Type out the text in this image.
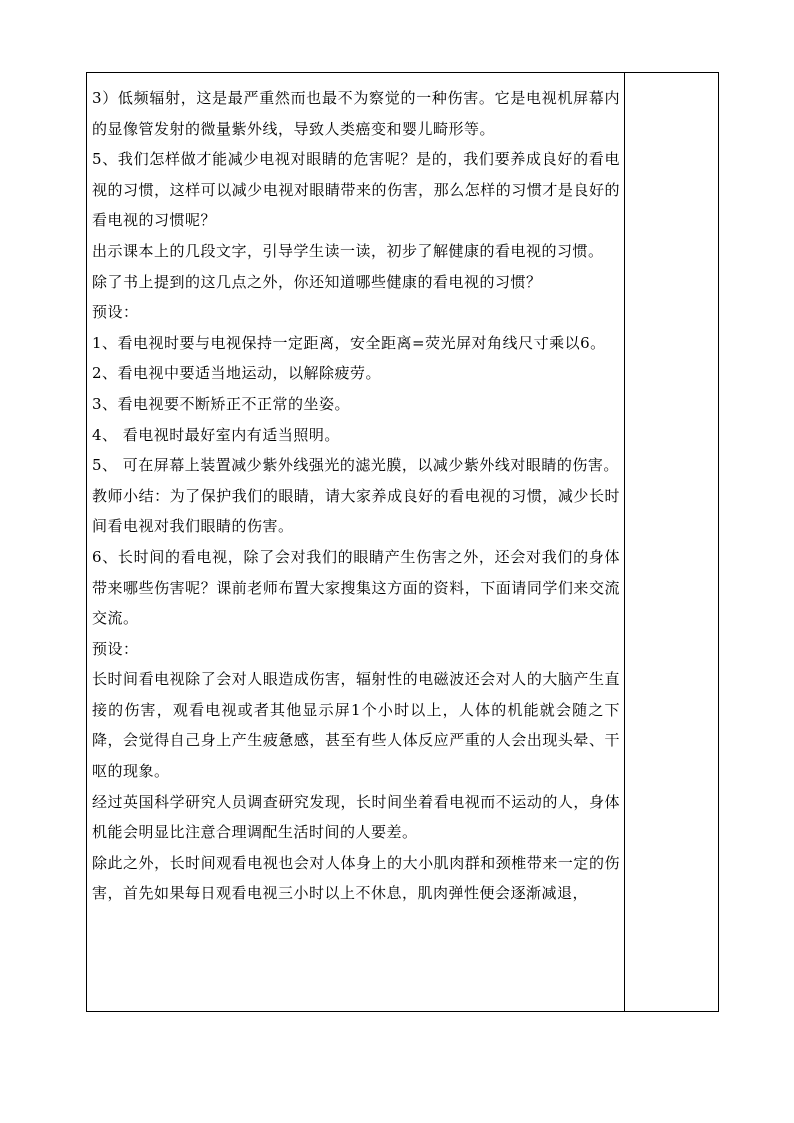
3）低频辐射，这是最严重然而也最不为察觉的一种伤害。它是电视机屏幕内的显像管发射的微量紫外线，导致人类癌变和婴儿畸形等。

5、我们怎样做才能减少电视对眼睛的危害呢？是的，我们要养成良好的看电视的习惯，这样可以减少电视对眼睛带来的伤害，那么怎样的习惯才是良好的看电视的习惯呢？

出示课本上的几段文字，引导学生读一读，初步了解健康的看电视的习惯。

除了书上提到的这几点之外，你还知道哪些健康的看电视的习惯？

预设：

1、看电视时要与电视保持一定距离，安全距离=荧光屏对角线尺寸乘以6。

2、看电视中要适当地运动，以解除疲劳。

3、看电视要不断矫正不正常的坐姿。

4、 看电视时最好室内有适当照明。

5、 可在屏幕上装置减少紫外线强光的滤光膜，以减少紫外线对眼睛的伤害。

教师小结：为了保护我们的眼睛，请大家养成良好的看电视的习惯，减少长时间看电视对我们眼睛的伤害。

6、长时间的看电视，除了会对我们的眼睛产生伤害之外，还会对我们的身体带来哪些伤害呢？课前老师布置大家搜集这方面的资料，下面请同学们来交流交流。

预设：

长时间看电视除了会对人眼造成伤害，辐射性的电磁波还会对人的大脑产生直接的伤害，观看电视或者其他显示屏1个小时以上，人体的机能就会随之下降，会觉得自己身上产生疲惫感，甚至有些人体反应严重的人会出现头晕、干呕的现象。

经过英国科学研究人员调查研究发现，长时间坐着看电视而不运动的人，身体机能会明显比注意合理调配生活时间的人要差。

除此之外，长时间观看电视也会对人体身上的大小肌肉群和颈椎带来一定的伤害，首先如果每日观看电视三小时以上不休息，肌肉弹性便会逐渐减退，
